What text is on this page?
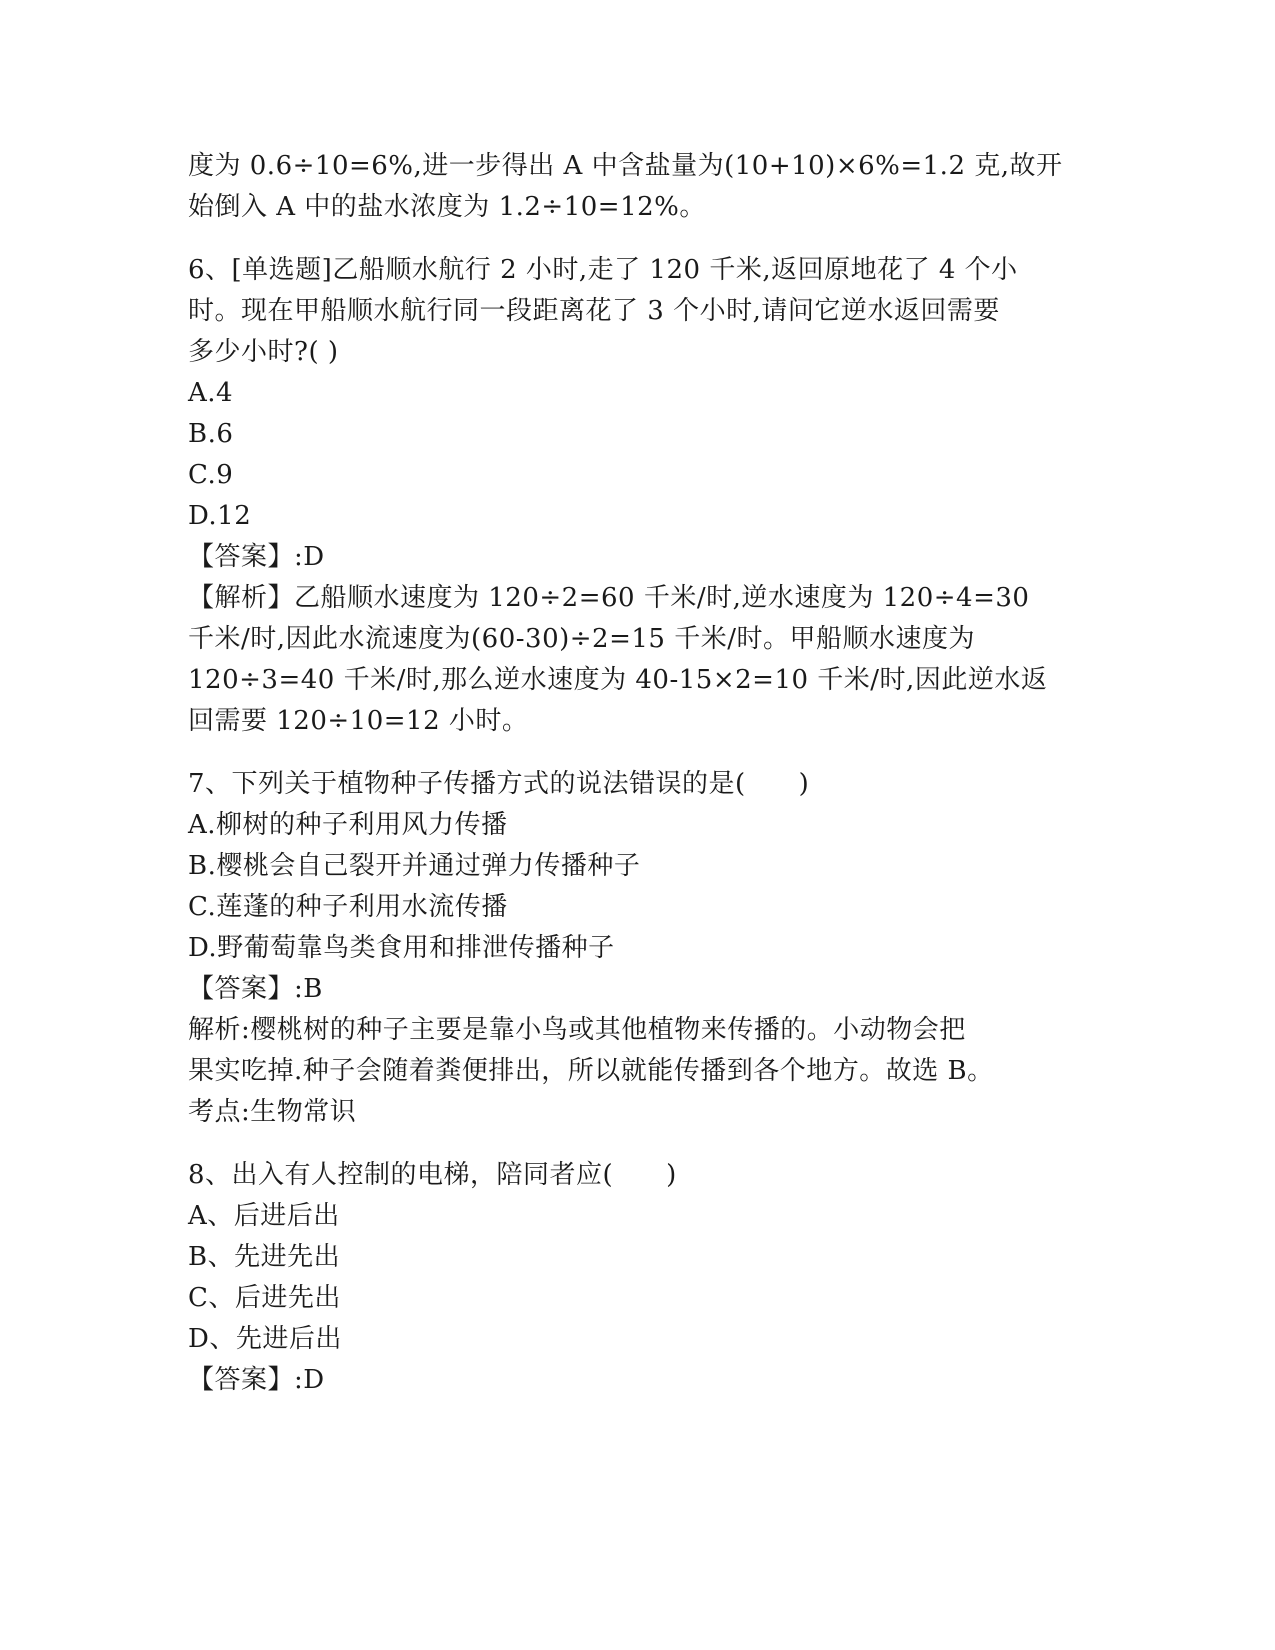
度为 0.6÷10=6%,进一步得出 A 中含盐量为(10+10)×6%=1.2 克,故开
始倒入 A 中的盐水浓度为 1.2÷10=12%。
6、[单选题]乙船顺水航行 2 小时,走了 120 千米,返回原地花了 4 个小
时。现在甲船顺水航行同一段距离花了 3 个小时,请问它逆水返回需要
多少小时?( )
A.4
B.6
C.9
D.12
【答案】:D
【解析】乙船顺水速度为 120÷2=60 千米/时,逆水速度为 120÷4=30
千米/时,因此水流速度为(60-30)÷2=15 千米/时。甲船顺水速度为
120÷3=40 千米/时,那么逆水速度为 40-15×2=10 千米/时,因此逆水返
回需要 120÷10=12 小时。
7、下列关于植物种子传播方式的说法错误的是(　　)
A.柳树的种子利用风力传播
B.樱桃会自己裂开并通过弹力传播种子
C.莲蓬的种子利用水流传播
D.野葡萄靠鸟类食用和排泄传播种子
【答案】:B
解析:樱桃树的种子主要是靠小鸟或其他植物来传播的。小动物会把
果实吃掉.种子会随着粪便排出，所以就能传播到各个地方。故选 B。
考点:生物常识
8、出入有人控制的电梯，陪同者应(　　)
A、后进后出
B、先进先出
C、后进先出
D、先进后出
【答案】:D
